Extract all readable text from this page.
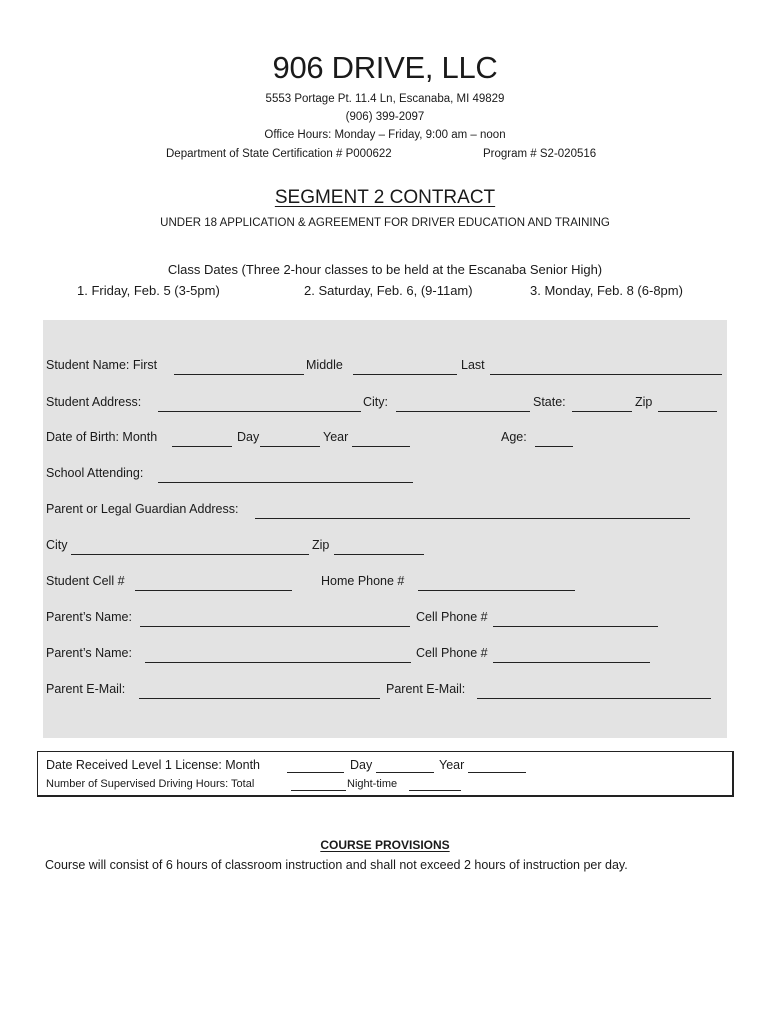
906 DRIVE, LLC
5553 Portage Pt. 11.4 Ln, Escanaba, MI 49829
(906) 399-2097
Office Hours: Monday – Friday, 9:00 am – noon
Department of State Certification # P000622	Program # S2-020516
SEGMENT 2 CONTRACT
UNDER 18 APPLICATION & AGREEMENT FOR DRIVER EDUCATION AND TRAINING
Class Dates (Three 2-hour classes to be held at the Escanaba Senior High)
1. Friday, Feb. 5 (3-5pm)	2. Saturday, Feb. 6, (9-11am)	3. Monday, Feb. 8 (6-8pm)
Student Name: First	Middle	Last
Student Address:	City:	State:	Zip
Date of Birth: Month	Day	Year	Age:
School Attending:
Parent or Legal Guardian Address:
City	Zip
Student Cell #	Home Phone #
Parent’s Name:	Cell Phone #
Parent’s Name:	Cell Phone #
Parent E-Mail:	Parent E-Mail:
Date Received Level 1 License: Month	Day	Year
Number of Supervised Driving Hours: Total	Night-time
COURSE PROVISIONS
Course will consist of 6 hours of classroom instruction and shall not exceed 2 hours of instruction per day.
